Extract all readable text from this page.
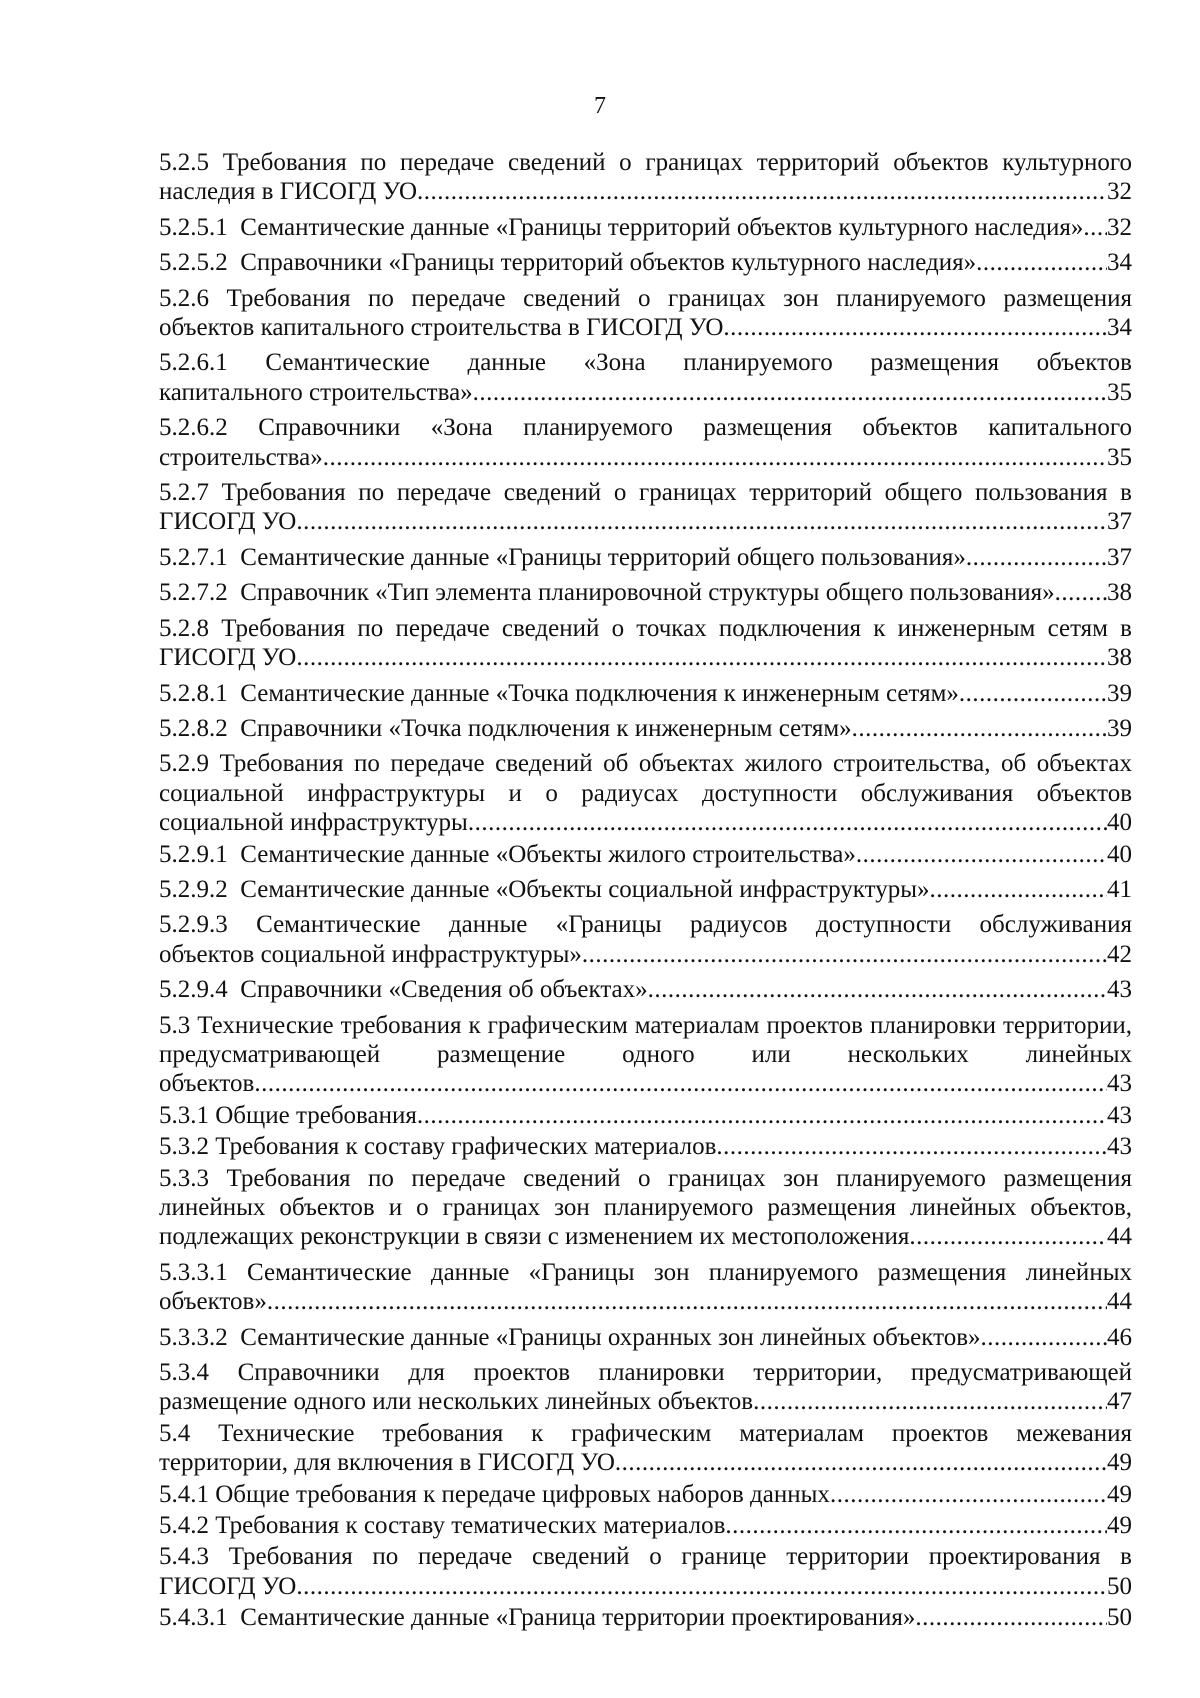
7
5.2.5 Требования по передаче сведений о границах территорий объектов культурного
наследия в ГИСОГД УО .....	32
5.2.5.1  Семантические данные «Границы территорий объектов культурного наследия» ..... 32
5.2.5.2  Справочники «Границы территорий объектов культурного наследия» .....	34
5.2.6 Требования по передаче сведений о границах зон планируемого размещения
объектов капитального строительства в ГИСОГД УО .....	34
5.2.6.1 Семантические данные «Зона планируемого размещения объектов
капитального строительства» .....	35
5.2.6.2 Справочники «Зона планируемого размещения объектов капитального
строительства» .....	35
5.2.7 Требования по передаче сведений о границах территорий общего пользования в
ГИСОГД УО .....	37
5.2.7.1  Семантические данные «Границы территорий общего пользования» .....	37
5.2.7.2  Справочник «Тип элемента планировочной структуры общего пользования» ..... 38
5.2.8 Требования по передаче сведений о точках подключения к инженерным сетям в
ГИСОГД УО .....	38
5.2.8.1  Семантические данные «Точка подключения к инженерным сетям» .....	39
5.2.8.2  Справочники «Точка подключения к инженерным сетям» .....	39
5.2.9 Требования по передаче сведений об объектах жилого строительства, об объектах социальной инфраструктуры и о радиусах доступности обслуживания объектов
социальной инфраструктуры .....	40
5.2.9.1  Семантические данные «Объекты жилого строительства» .....	40
5.2.9.2  Семантические данные «Объекты социальной инфраструктуры» .....	41
5.2.9.3 Семантические данные «Границы радиусов доступности обслуживания
объектов социальной инфраструктуры» .....	42
5.2.9.4  Справочники «Сведения об объектах» .....	43
5.3 Технические требования к графическим материалам проектов планировки территории, предусматривающей размещение одного или нескольких линейных
объектов .....	43
5.3.1 Общие требования .....	43
5.3.2 Требования к составу графических материалов .....	43
5.3.3 Требования по передаче сведений о границах зон планируемого размещения линейных объектов и о границах зон планируемого размещения линейных объектов,
подлежащих реконструкции в связи с изменением их местоположения .....	44
5.3.3.1 Семантические данные «Границы зон планируемого размещения линейных
объектов» .....	44
5.3.3.2  Семантические данные «Границы охранных зон линейных объектов» .....	46
5.3.4 Справочники для проектов планировки территории, предусматривающей
размещение одного или нескольких линейных объектов .....	47
5.4 Технические требования к графическим материалам проектов межевания
территории, для включения в ГИСОГД УО .....	49
5.4.1 Общие требования к передаче цифровых наборов данных .....	49
5.4.2 Требования к составу тематических материалов .....	49
5.4.3 Требования по передаче сведений о границе территории проектирования в
ГИСОГД УО .....	50
5.4.3.1  Семантические данные «Граница территории проектирования» .....	50
